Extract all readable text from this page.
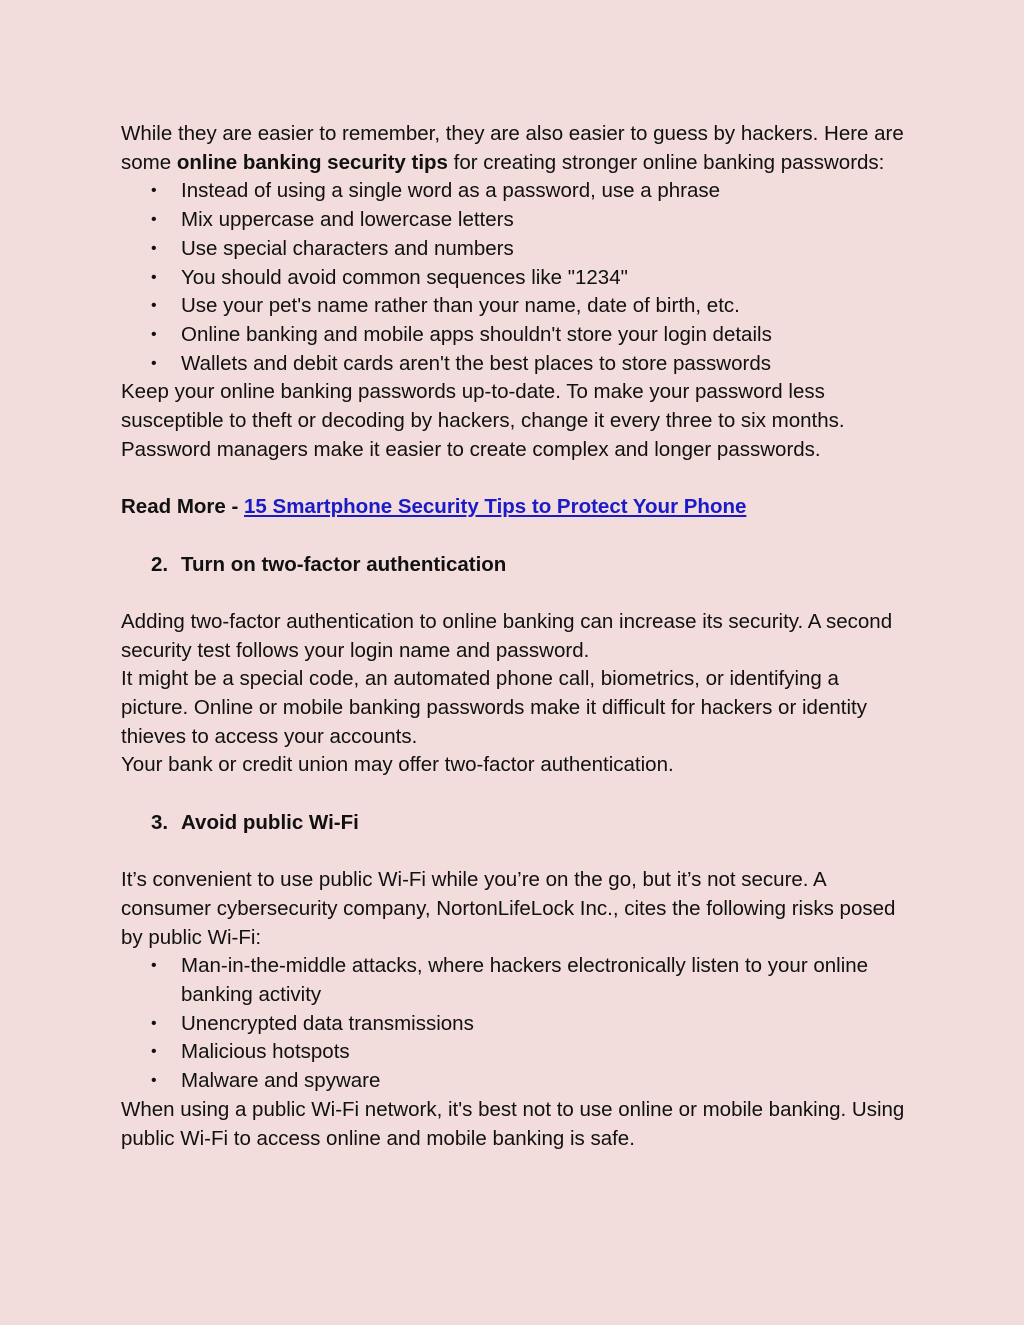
While they are easier to remember, they are also easier to guess by hackers. Here are some online banking security tips for creating stronger online banking passwords:

• Instead of using a single word as a password, use a phrase
• Mix uppercase and lowercase letters
• Use special characters and numbers
• You should avoid common sequences like "1234"
• Use your pet's name rather than your name, date of birth, etc.
• Online banking and mobile apps shouldn't store your login details
• Wallets and debit cards aren't the best places to store passwords

Keep your online banking passwords up-to-date. To make your password less susceptible to theft or decoding by hackers, change it every three to six months. Password managers make it easier to create complex and longer passwords.

Read More - 15 Smartphone Security Tips to Protect Your Phone

2. Turn on two-factor authentication

Adding two-factor authentication to online banking can increase its security. A second security test follows your login name and password.

It might be a special code, an automated phone call, biometrics, or identifying a picture. Online or mobile banking passwords make it difficult for hackers or identity thieves to access your accounts.

Your bank or credit union may offer two-factor authentication.

3. Avoid public Wi-Fi

It’s convenient to use public Wi-Fi while you’re on the go, but it’s not secure. A consumer cybersecurity company, NortonLifeLock Inc., cites the following risks posed by public Wi-Fi:

• Man-in-the-middle attacks, where hackers electronically listen to your online banking activity
• Unencrypted data transmissions
• Malicious hotspots
• Malware and spyware

When using a public Wi-Fi network, it's best not to use online or mobile banking. Using public Wi-Fi to access online and mobile banking is safe.
